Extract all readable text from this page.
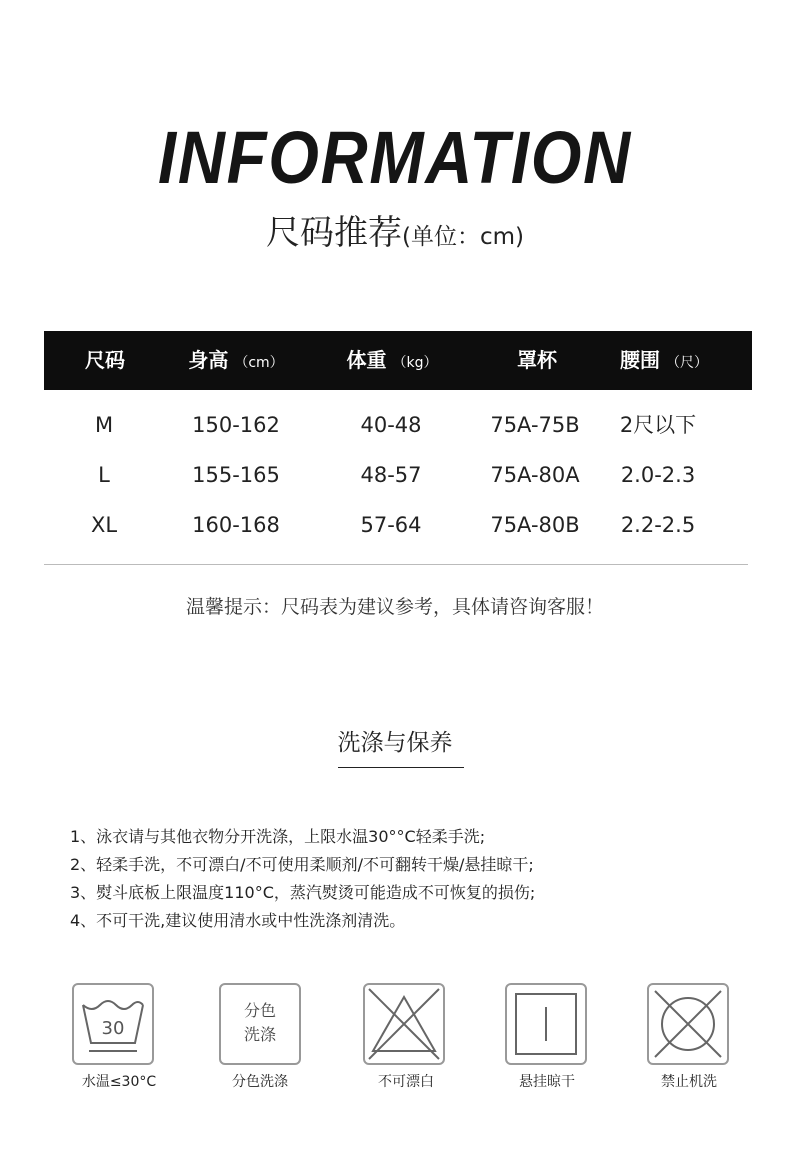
INFORMATION
尺码推荐(单位：cm)
尺码	身高 （cm）	体重 （kg）	罩杯	腰围 （尺）
M	150-162	40-48	75A-75B 2尺以下
L	155-165	48-57	75A-80A 2.0-2.3
XL	160-168	57-64	75A-80B 2.2-2.5
温馨提示：尺码表为建议参考，具体请咨询客服！
洗涤与保养
1、泳衣请与其他衣物分开洗涤，上限水温30°°C轻柔手洗;
2、轻柔手洗，不可漂白/不可使用柔顺剂/不可翻转干燥/悬挂晾干;
3、熨斗底板上限温度110°C，蒸汽熨烫可能造成不可恢复的损伤;
4、不可干洗,建议使用清水或中性洗涤剂清洗。
30
水温≤30°C
分色
洗涤
分色洗涤	不可漂白	悬挂晾干	禁止机洗
